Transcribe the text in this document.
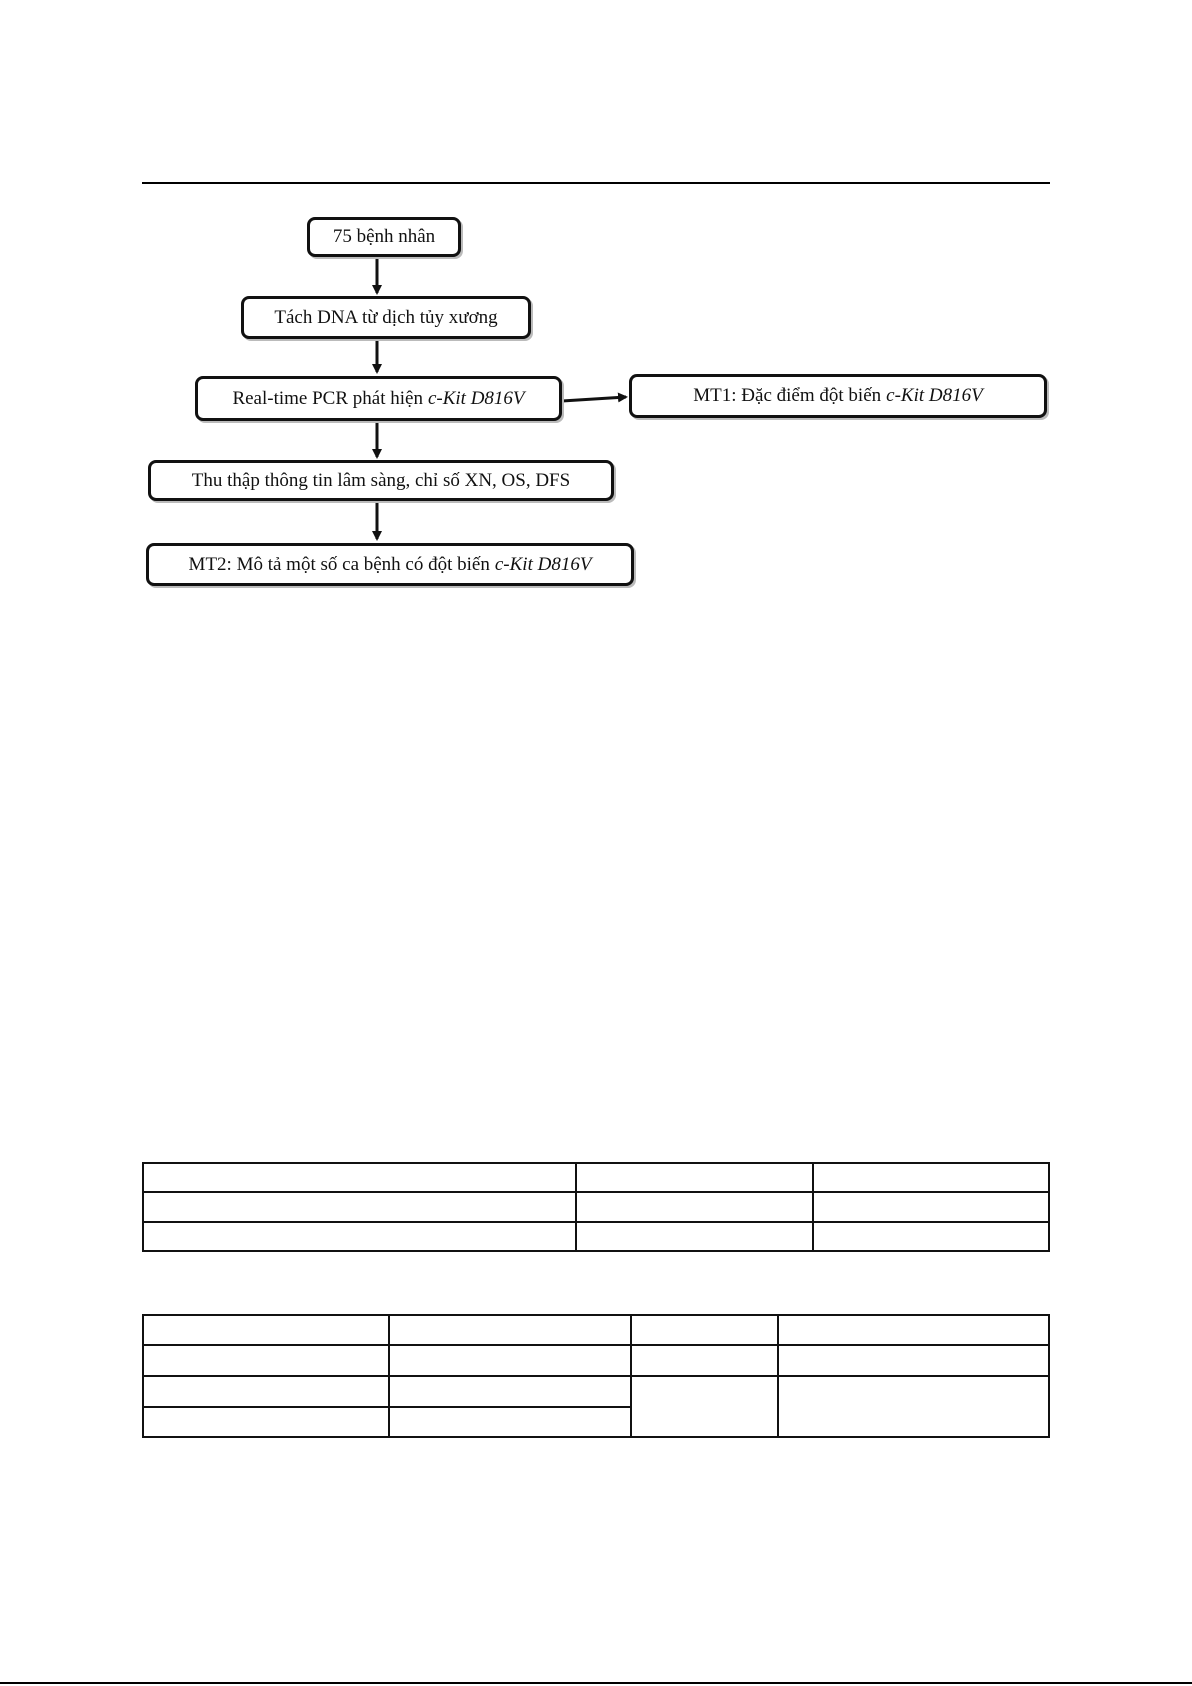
75 bệnh nhân
Tách DNA từ dịch tủy xương
Real-time PCR phát hiện c-Kit D816V	MT1: Đặc điểm đột biến c-Kit D816V
Thu thập thông tin lâm sàng, chỉ số XN, OS, DFS
MT2: Mô tả một số ca bệnh có đột biến c-Kit D816V
